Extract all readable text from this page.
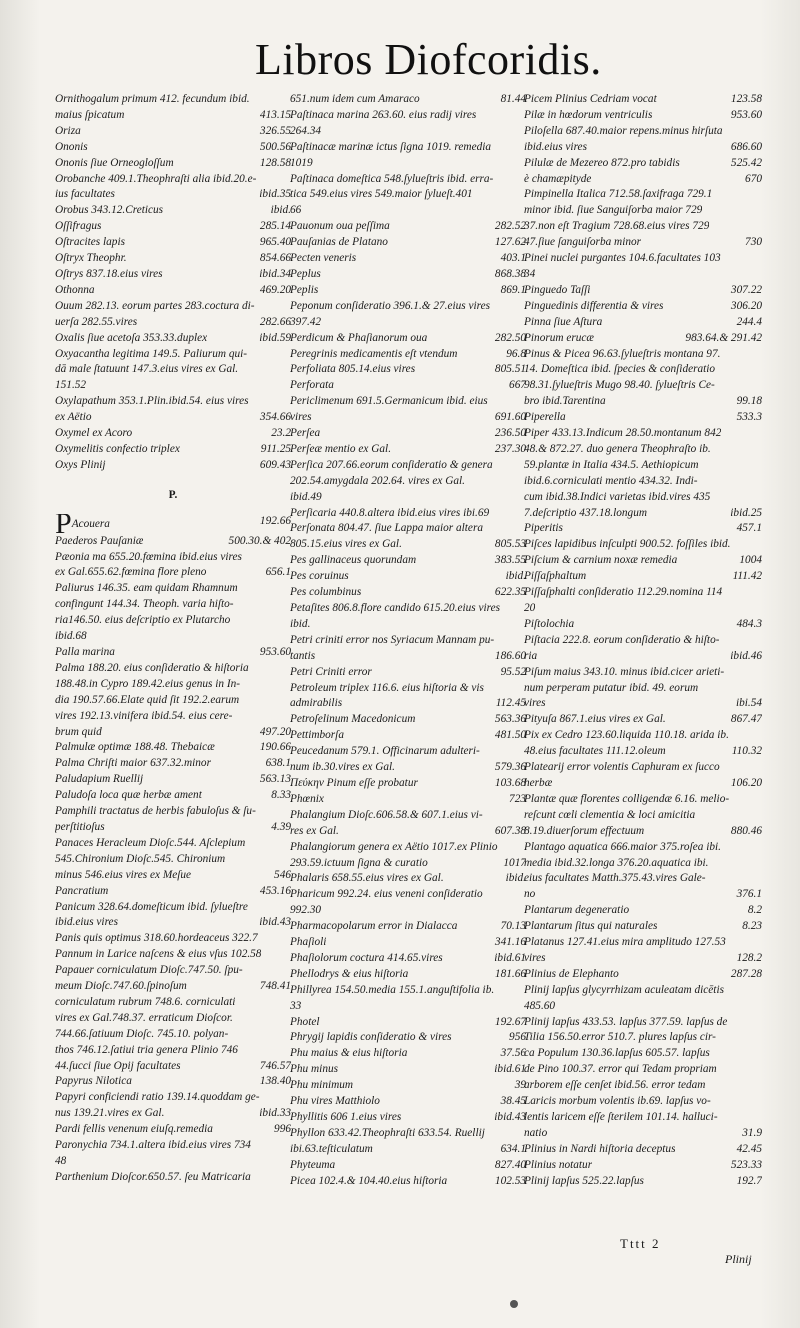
Libros Diofcoridis.
Ornithogalum primum 412. fecundum ibid.
maius ſpicatum	413.15
Oriza	326.55
Ononis	500.56
Ononis ſiue Orneogloſſum	128.58
Orobanche 409.1.Theophraſti alia ibid.20.e-
ius facultates	ibid.35
Orobus 343.12.Creticus	ibid.
Oſſifragus	285.14
Oſtracites lapis	965.40
Oſtryx Theophr.	854.66
Oſtrys 837.18.eius vires	ibid.34
Othonna	469.20
Ouum 282.13. eorum partes 283.coctura di-
uerſa 282.55.vires	282.66
Oxalis ſiue acetoſa 353.33.duplex	ibid.59
Oxyacantha legitima 149.5. Paliurum qui-
dā male ſtatuunt 147.3.eius vires ex Gal.
151.52
Oxylapathum 353.1.Plin.ibid.54. eius vires
ex Aëtio	354.66
Oxymel ex Acoro	23.2
Oxymelitis confectio triplex	911.25
Oxys Plinij	609.43
P.
PAcouera	192.66
Paederos Pauſaniæ	500.30.& 402
Pæonia ma 655.20.fœmina ibid.eius vires
ex Gal.655.62.fœmina flore pleno	656.1
Paliurus 146.35. eam quidam Rhamnum
confingunt 144.34. Theoph. varia hiſto-
ria146.50. eius deſcriptio ex Plutarcho
ibid.68
Palla marina	953.60
Palma 188.20. eius conſideratio & hiſtoria
188.48.in Cypro 189.42.eius genus in In-
dia 190.57.66.Elate quid ſit 192.2.earum
vires 192.13.vinifera ibid.54. eius cere-
brum quid	497.20
Palmulæ optimæ 188.48. Thebaicæ	190.66
Palma Chriſti maior 637.32.minor	638.1
Paludapium Ruellij	563.13
Paludoſa loca quæ herbæ ament	8.33
Pamphili tractatus de herbis fabuloſus & ſu-
perſtitioſus	4.39
Panaces Heracleum Dioſc.544. Aſclepium
545.Chironium Dioſc.545. Chironium
minus 546.eius vires ex Meſue	546
Pancratium	453.16
Panicum 328.64.domeſticum ibid. ſylueſtre
ibid.eius vires	ibid.43
Panis quis optimus 318.60.hordeaceus 322.7
Pannum in Larice naſcens & eius vſus 102.58
Papauer corniculatum Dioſc.747.50. ſpu-
meum Dioſc.747.60.ſpinoſum	748.41
corniculatum rubrum 748.6. corniculati
vires ex Gal.748.37. erraticum Dioſcor.
744.66.ſatiuum Dioſc. 745.10. polyan-
thos 746.12.ſatiui tria genera Plinio 746
44.ſucci ſiue Opij facultates	746.57
Papyrus Nilotica	138.40
Papyri conficiendi ratio 139.14.quoddam ge-
nus 139.21.vires ex Gal.	ibid.33
Pardi fellis venenum eiuſq.remedia	996
Paronychia 734.1.altera ibid.eius vires 734
48
Parthenium Dioſcor.650.57. ſeu Matricaria
651.num idem cum Amaraco	81.44
Paſtinaca marina 263.60. eius radij vires
264.34
Paſtinacæ marinæ ictus ſigna 1019. remedia
1019
Paſtinaca domeſtica 548.ſylueſtris ibid. erra-
tica 549.eius vires 549.maior ſylueſt.401
66
Pauonum oua peſſima	282.52
Pauſanias de Platano	127.62
Pecten veneris	403.1
Peplus	868.38
Peplis	869.1
Peponum conſideratio 396.1.& 27.eius vires
397.42
Perdicum & Phaſianorum oua	282.50
Peregrinis medicamentis eſt vtendum	96.8
Perfoliata 805.14.eius vires	805.51
Perforata	667
Periclimenum 691.5.Germanicum ibid. eius
vires	691.60
Perſea	236.50
Perſeæ mentio ex Gal.	237.30
Perſica 207.66.eorum conſideratio & genera
202.54.amygdala 202.64. vires ex Gal.
ibid.49
Perſicaria 440.8.altera ibid.eius vires ibi.69
Perſonata 804.47. ſiue Lappa maior altera
805.15.eius vires ex Gal.	805.53
Pes gallinaceus quorundam	383.55
Pes coruinus	ibid.
Pes columbinus	622.35
Petaſites 806.8.flore candido 615.20.eius vires
ibid.
Petri criniti error nos Syriacum Mannam pu-
tantis	186.60
Petri Criniti error	95.52
Petroleum triplex 116.6. eius hiſtoria & vis
admirabilis	112.45
Petroſelinum Macedonicum	563.36
Pettimborſa	481.50
Peucedanum 579.1. Officinarum adulteri-
num ib.30.vires ex Gal.	579.36
Πεύκην Pinum eſſe probatur	103.68
Phœnix	723
Phalangium Dioſc.606.58.& 607.1.eius vi-
res ex Gal.	607.38
Phalangiorum genera ex Aëtio 1017.ex Plinio
293.59.ictuum ſigna & curatio	1017
Phalaris 658.55.eius vires ex Gal.	ibid.
Pharicum 992.24. eius veneni conſideratio
992.30
Pharmacopolarum error in Dialacca	70.13
Phaſioli	341.16
Phaſiolorum coctura 414.65.vires	ibid.61
Phellodrys & eius hiſtoria	181.66
Phillyrea 154.50.media 155.1.anguſtifolia ib.
33
Photel	192.67
Phrygij lapidis conſideratio & vires	956
Phu maius & eius hiſtoria	37.56
Phu minus	ibid.61
Phu minimum	39
Phu vires Matthiolo	38.45
Phyllitis 606 1.eius vires	ibid.43
Phyllon 633.42.Theophraſti 633.54. Ruellij
ibi.63.teſticulatum	634.1
Phyteuma	827.40
Picea 102.4.& 104.40.eius hiſtoria	102.53
Picem Plinius Cedriam vocat	123.58
Pilæ in hœdorum ventriculis	953.60
Piloſella 687.40.maior repens.minus hirſuta
ibid.eius vires	686.60
Pilulæ de Mezereo 872.pro tabidis	525.42
è chamæpityde	670
Pimpinella Italica 712.58.ſaxifraga 729.1
minor ibid. ſiue Sanguiſorba maior 729
37.non eſt Tragium 728.68.eius vires 729
47.ſiue ſanguiſorba minor	730
Pinei nuclei purgantes 104.6.facultates 103
34
Pinguedo Taſſi	307.22
Pinguedinis differentia & vires	306.20
Pinna ſiue Aſtura	244.4
Pinorum erucæ	983.64.& 291.42
Pinus & Picea 96.63.ſylueſtris montana 97.
14. Domeſtica ibid. ſpecies & conſideratio
98.31.ſylueſtris Mugo 98.40. ſylueſtris Ce-
bro ibid.Tarentina	99.18
Piperella	533.3
Piper 433.13.Indicum 28.50.montanum 842
48.& 872.27. duo genera Theophraſto ib.
59.plantæ in Italia 434.5. Aethiopicum
ibid.6.corniculati mentio 434.32. Indi-
cum ibid.38.Indici varietas ibid.vires 435
7.deſcriptio 437.18.longum	ibid.25
Piperitis	457.1
Piſces lapidibus inſculpti 900.52. foſſiles ibid.
Piſcium & carnium noxæ remedia	1004
Piſſaſphaltum	111.42
Piſſaſphalti conſideratio 112.29.nomina 114
20
Piſtolochia	484.3
Piſtacia 222.8. eorum conſideratio & hiſto-
ria	ibid.46
Piſum maius 343.10. minus ibid.cicer arieti-
num perperam putatur ibid. 49. eorum
vires	ibi.54
Pityuſa 867.1.eius vires ex Gal.	867.47
Pix ex Cedro 123.60.liquida 110.18. arida ib.
48.eius facultates 111.12.oleum	110.32
Platearij error volentis Caphuram ex ſucco
herbæ	106.20
Plantæ quæ florentes colligendæ 6.16. melio-
reſcunt cœli clementia & loci amicitia
8.19.diuerſorum effectuum	880.46
Plantago aquatica 666.maior 375.roſea ibi.
media ibid.32.longa 376.20.aquatica ibi.
eius facultates Matth.375.43.vires Gale-
no	376.1
Plantarum degeneratio	8.2
Plantarum ſitus qui naturales	8.23
Platanus 127.41.eius mira amplitudo 127.53
vires	128.2
Plinius de Elephanto	287.28
Plinij lapſus glycyrrhizam aculeatam dicētis
485.60
Plinij lapſus 433.53. lapſus 377.59. lapſus de
Tilia 156.50.error 510.7. plures lapſus cir-
ca Populum 130.36.lapſus 605.57. lapſus
de Pino 100.37. error qui Tedam propriam
arborem eſſe cenſet ibid.56. error tedam
Laricis morbum volentis ib.69. lapſus vo-
lentis laricem eſſe ſterilem 101.14. halluci-
natio	31.9
Plinius in Nardi hiſtoria deceptus	42.45
Plinius notatur	523.33
Plinij lapſus 525.22.lapſus	192.7
Tttt 2
Plinij
